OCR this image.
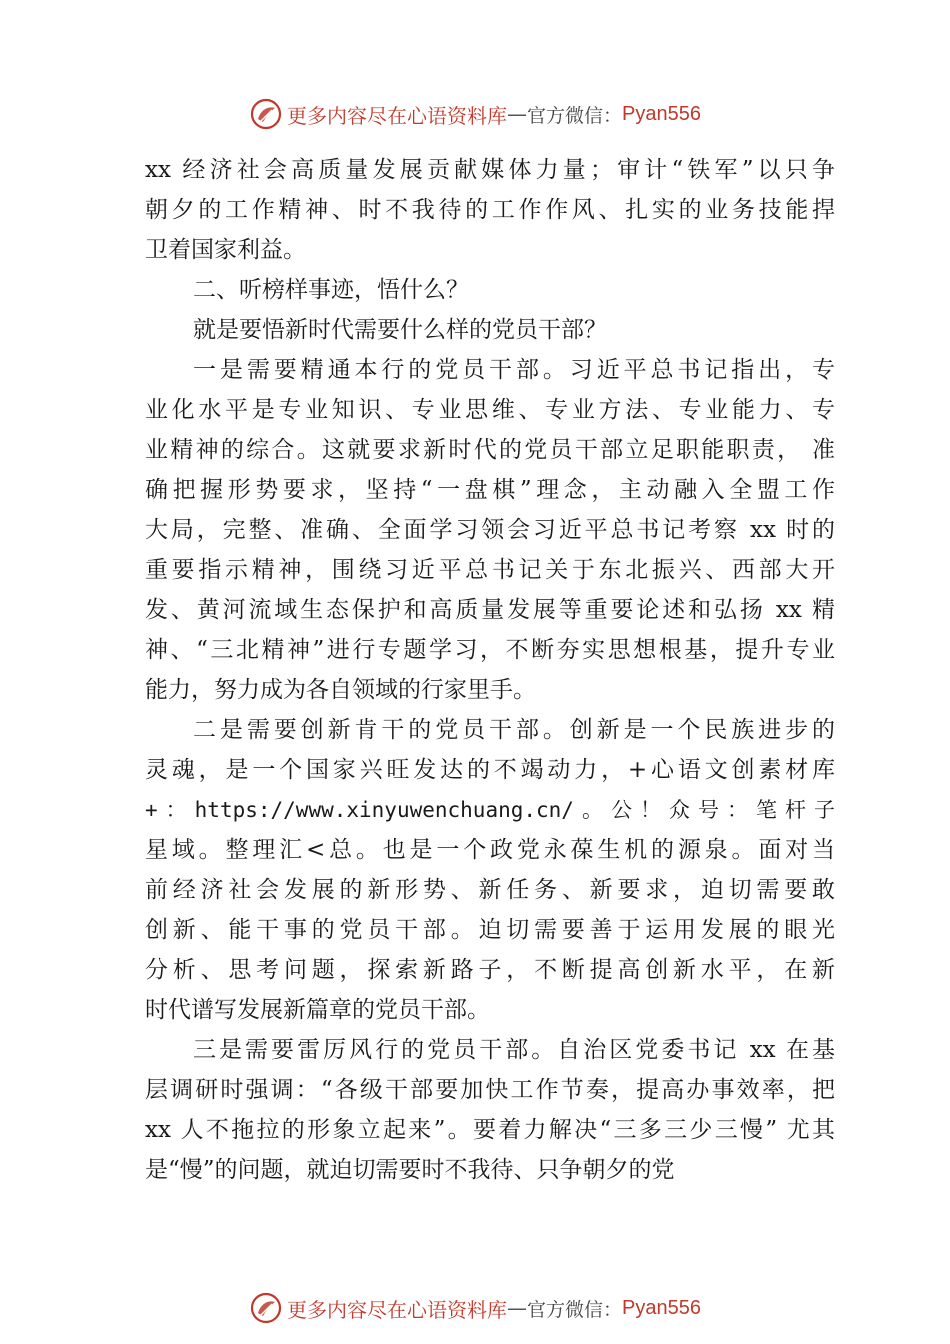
更多内容尽在心语资料库 — 官方微信： Pyan556
xx 经济社会高质量发展贡献媒体力量；审计“铁军”以只争
朝夕的工作精神、时不我待的工作作风、扎实的业务技能捍
卫着国家利益。
二、听榜样事迹，悟什么？
就是要悟新时代需要什么样的党员干部？
一是需要精通本行的党员干部。习近平总书记指出，专
业化水平是专业知识、专业思维、专业方法、专业能力、专
业精神的综合。这就要求新时代的党员干部立足职能职责， 准
确把握形势要求，坚持“一盘棋”理念，主动融入全盟工作
大局，完整、准确、全面学习领会习近平总书记考察 xx 时的
重要指示精神，围绕习近平总书记关于东北振兴、西部大开
发、黄河流域生态保护和高质量发展等重要论述和弘扬 xx 精
神、“三北精神”进行专题学习，不断夯实思想根基，提升专业
能力，努力成为各自领域的行家里手。
二是需要创新肯干的党员干部。创新是一个民族进步的
灵魂，是一个国家兴旺发达的不竭动力，+心语文创素材库
+：https://www.xinyuwenchuang.cn/。公！众号：笔杆子
星域。整理汇<总。也是一个政党永葆生机的源泉。面对当
前经济社会发展的新形势、新任务、新要求，迫切需要敢
创新、能干事的党员干部。迫切需要善于运用发展的眼光
分析、思考问题，探索新路子，不断提高创新水平，在新
时代谱写发展新篇章的党员干部。
三是需要雷厉风行的党员干部。自治区党委书记 xx 在基
层调研时强调：“各级干部要加快工作节奏，提高办事效率，把
xx 人不拖拉的形象立起来”。要着力解决“三多三少三慢” 尤其
是“慢”的问题，就迫切需要时不我待、只争朝夕的党
更多内容尽在心语资料库 — 官方微信： Pyan556
